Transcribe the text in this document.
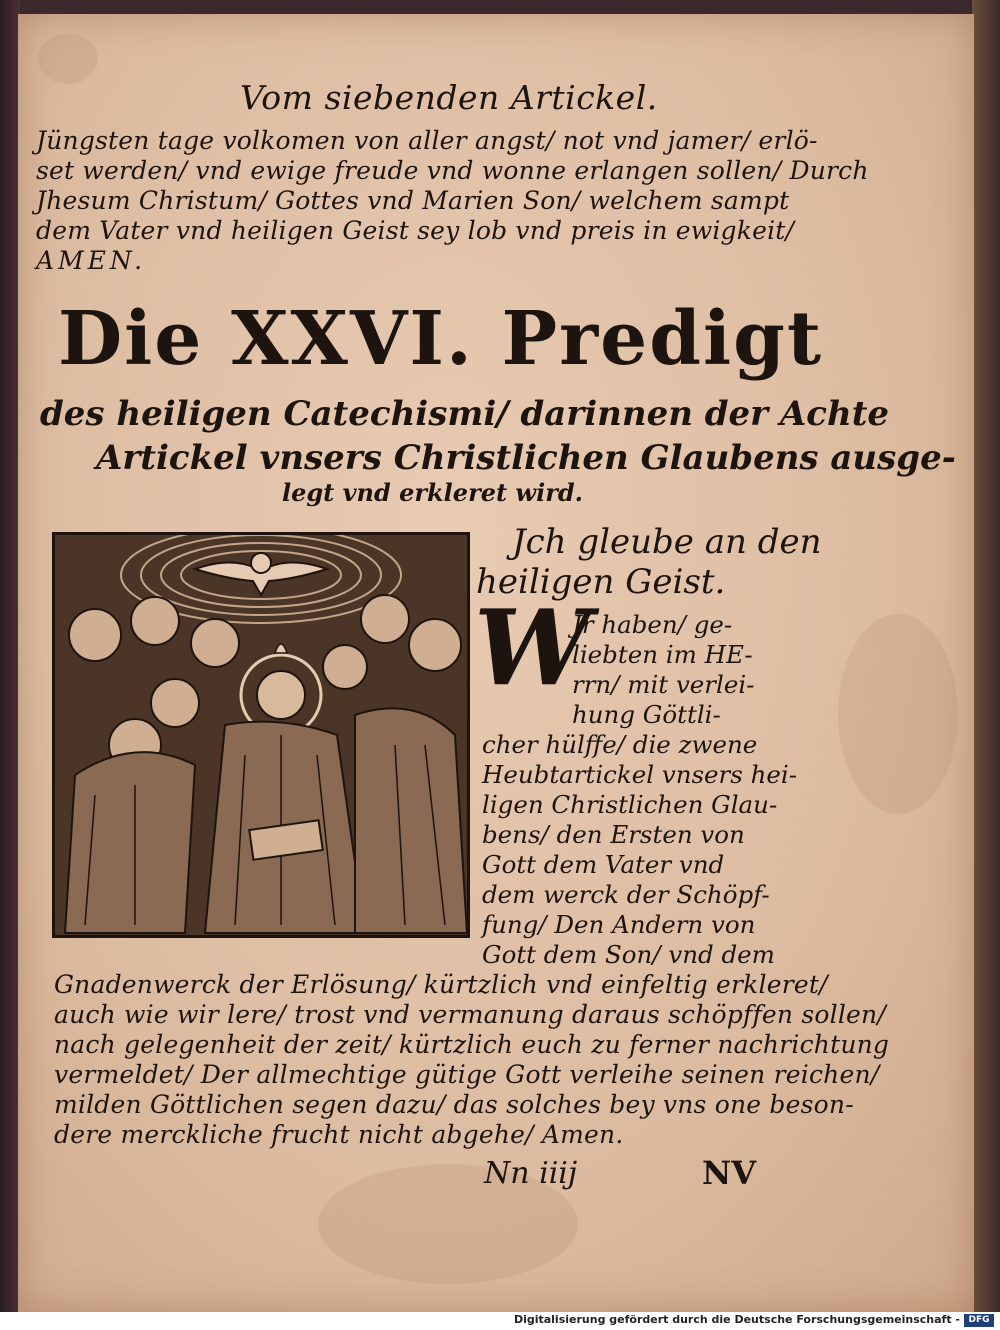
Vom siebenden Artickel.
Jüngsten tage volkomen von aller angst/ not vnd jamer/ erlö-
set werden/ vnd ewige freude vnd wonne erlangen sollen/ Durch
Jhesum Christum/ Gottes vnd Marien Son/ welchem sampt
dem Vater vnd heiligen Geist sey lob vnd preis in ewigkeit/
AMEN.
Die XXVI. Predigt
des heiligen Catechismi/ darinnen der Achte
Artickel vnsers Christlichen Glaubens ausge-
legt vnd erkleret wird.
Jch gleube an den
heiligen Geist.
W
Jr haben/ ge-
liebten im HE-
rrn/ mit verlei-
hung Göttli-
cher hülffe/ die zwene
Heubtartickel vnsers hei-
ligen Christlichen Glau-
bens/ den Ersten von
Gott dem Vater vnd
dem werck der Schöpf-
fung/ Den Andern von
Gott dem Son/ vnd dem
Gnadenwerck der Erlösung/ kürtzlich vnd einfeltig erkleret/
auch wie wir lere/ trost vnd vermanung daraus schöpffen sollen/
nach gelegenheit der zeit/ kürtzlich euch zu ferner nachrichtung
vermeldet/ Der allmechtige gütige Gott verleihe seinen reichen/
milden Göttlichen segen dazu/ das solches bey vns one beson-
dere merckliche frucht nicht abgehe/ Amen.
Nn iiij	NV
Digitalisierung gefördert durch die Deutsche Forschungsgemeinschaft - DFG
